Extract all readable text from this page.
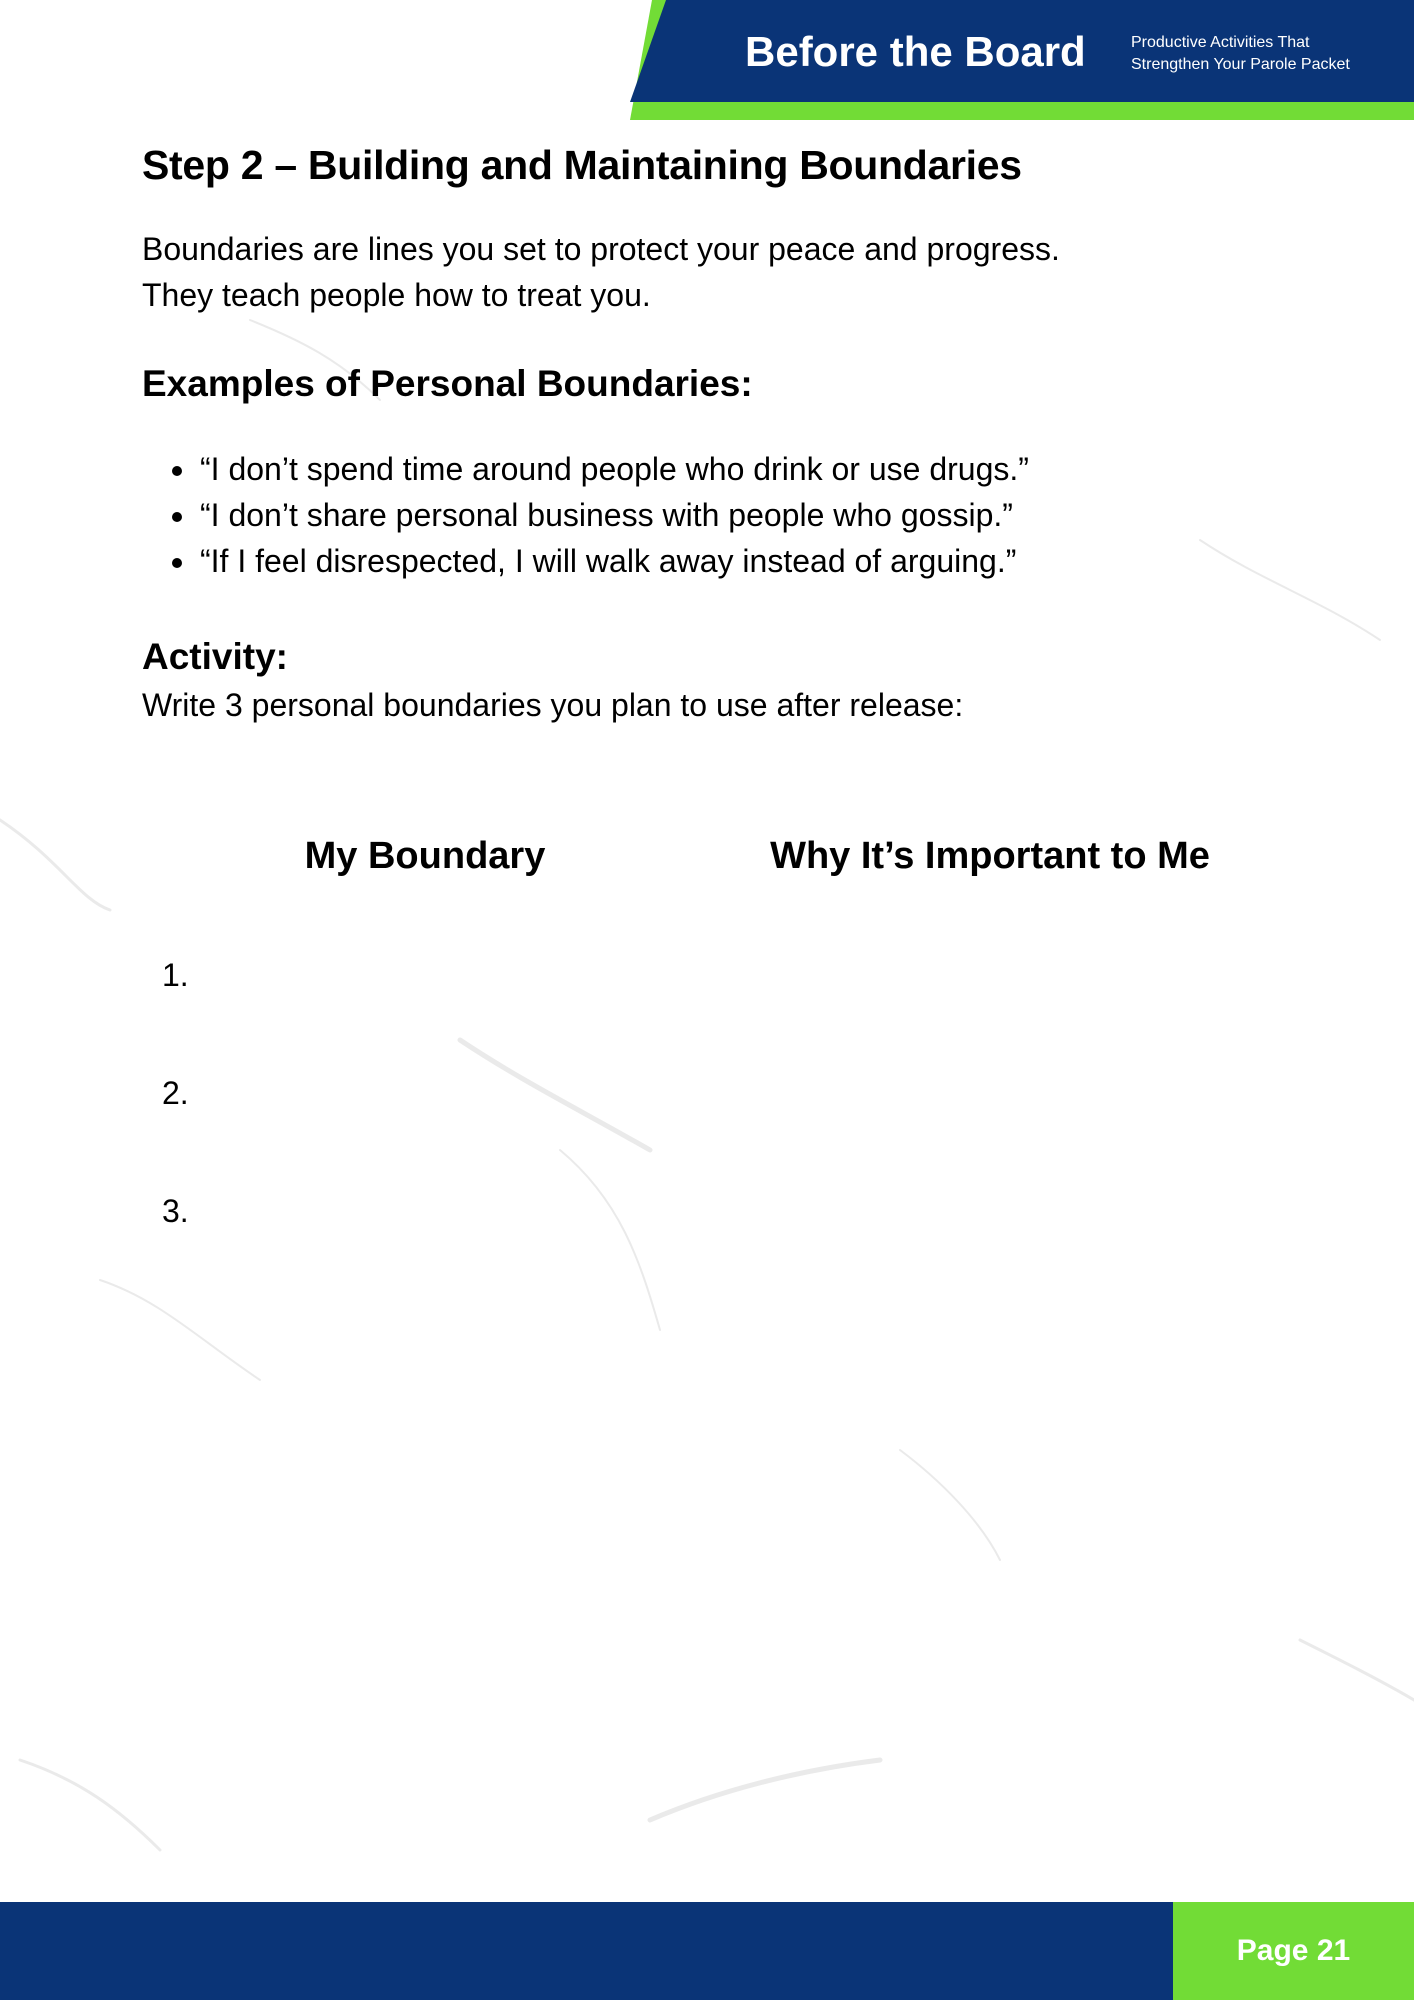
Before the Board	Productive Activities That
Strengthen Your Parole Packet
Step 2 – Building and Maintaining Boundaries

Boundaries are lines you set to protect your peace and progress.
They teach people how to treat you.

Examples of Personal Boundaries:
• “I don’t spend time around people who drink or use drugs.”
• “I don’t share personal business with people who gossip.”
• “If I feel disrespected, I will walk away instead of arguing.”

Activity:

Write 3 personal boundaries you plan to use after release:

My Boundary	Why It’s Important to Me
1.
2.
3.
Page 21
